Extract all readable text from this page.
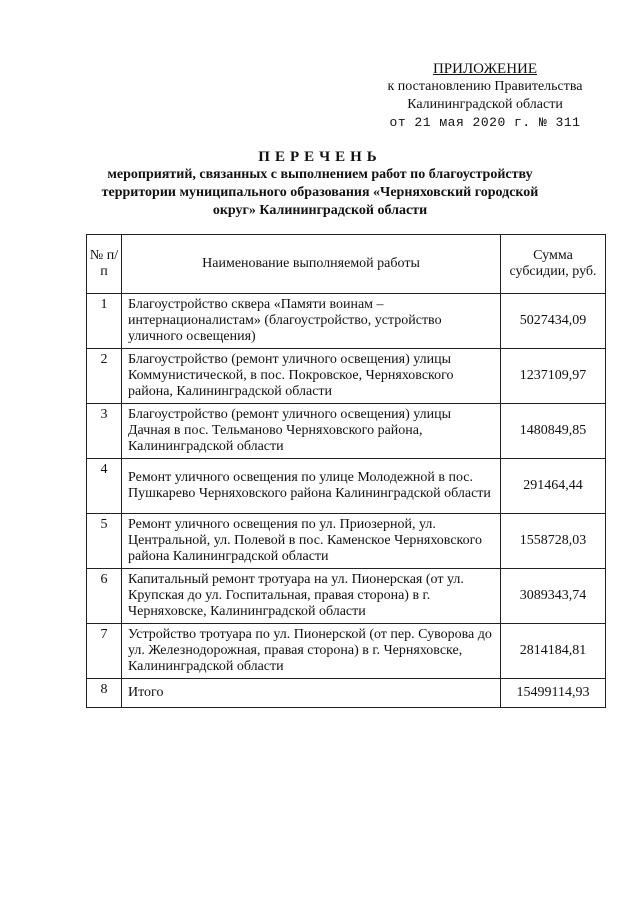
ПРИЛОЖЕНИЕ
к постановлению Правительства
Калининградской области
от 21 мая 2020 г. № 311
ПЕРЕЧЕНЬ
мероприятий, связанных с выполнением работ по благоустройству
территории муниципального образования «Черняховский городской
округ» Калининградской области
№ п/п	Наименование выполняемой работы	Сумма субсидии, руб.
1	Благоустройство сквера «Памяти воинам – интернационалистам» (благоустройство, устройство уличного освещения)	5027434,09
2	Благоустройство (ремонт уличного освещения) улицы Коммунистической, в пос. Покровское, Черняховского района, Калининградской области	1237109,97
3	Благоустройство (ремонт уличного освещения) улицы Дачная в пос. Тельманово Черняховского района, Калининградской области	1480849,85
4	Ремонт уличного освещения по улице Молодежной в пос. Пушкарево Черняховского района Калининградской области	291464,44
5	Ремонт уличного освещения по ул. Приозерной, ул. Центральной, ул. Полевой в пос. Каменское Черняховского района Калининградской области	1558728,03
6	Капитальный ремонт тротуара на ул. Пионерская (от ул. Крупская до ул. Госпитальная, правая сторона) в г. Черняховске, Калининградской области	3089343,74
7	Устройство тротуара по ул. Пионерской (от пер. Суворова до ул. Железнодорожная, правая сторона) в г. Черняховске, Калининградской области	2814184,81
8	Итого	15499114,93
